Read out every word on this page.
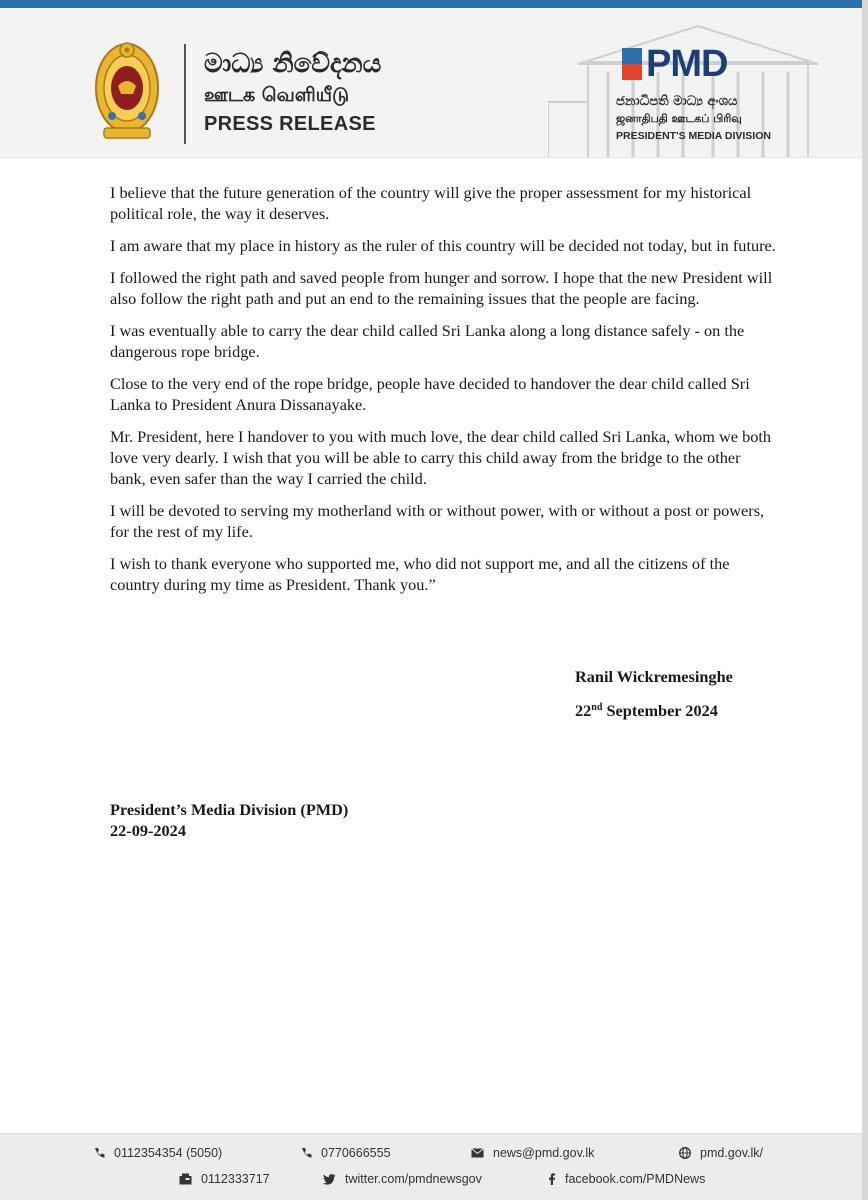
මාධ්‍ය නිවේදනය
ஊடக வெளியீடு
PRESS RELEASE
PMD
ජනාධිපති මාධ්‍ය අංශය
ஜனாதிபதி ஊடகப் பிரிவு
PRESIDENT'S MEDIA DIVISION

I believe that the future generation of the country will give the proper assessment for my historical political role, the way it deserves.

I am aware that my place in history as the ruler of this country will be decided not today, but in future.

I followed the right path and saved people from hunger and sorrow. I hope that the new President will also follow the right path and put an end to the remaining issues that the people are facing.

I was eventually able to carry the dear child called Sri Lanka along a long distance safely - on the dangerous rope bridge.

Close to the very end of the rope bridge, people have decided to handover the dear child called Sri Lanka to President Anura Dissanayake.

Mr. President, here I handover to you with much love, the dear child called Sri Lanka, whom we both love very dearly. I wish that you will be able to carry this child away from the bridge to the other bank, even safer than the way I carried the child.

I will be devoted to serving my motherland with or without power, with or without a post or powers, for the rest of my life.

I wish to thank everyone who supported me, who did not support me, and all the citizens of the country during my time as President. Thank you.”

Ranil Wickremesinghe
22nd September 2024
President’s Media Division (PMD)
22-09-2024
0112354354 (5050)	0770666555	news@pmd.gov.lk	pmd.gov.lk/
0112333717	twitter.com/pmdnewsgov	facebook.com/PMDNews
